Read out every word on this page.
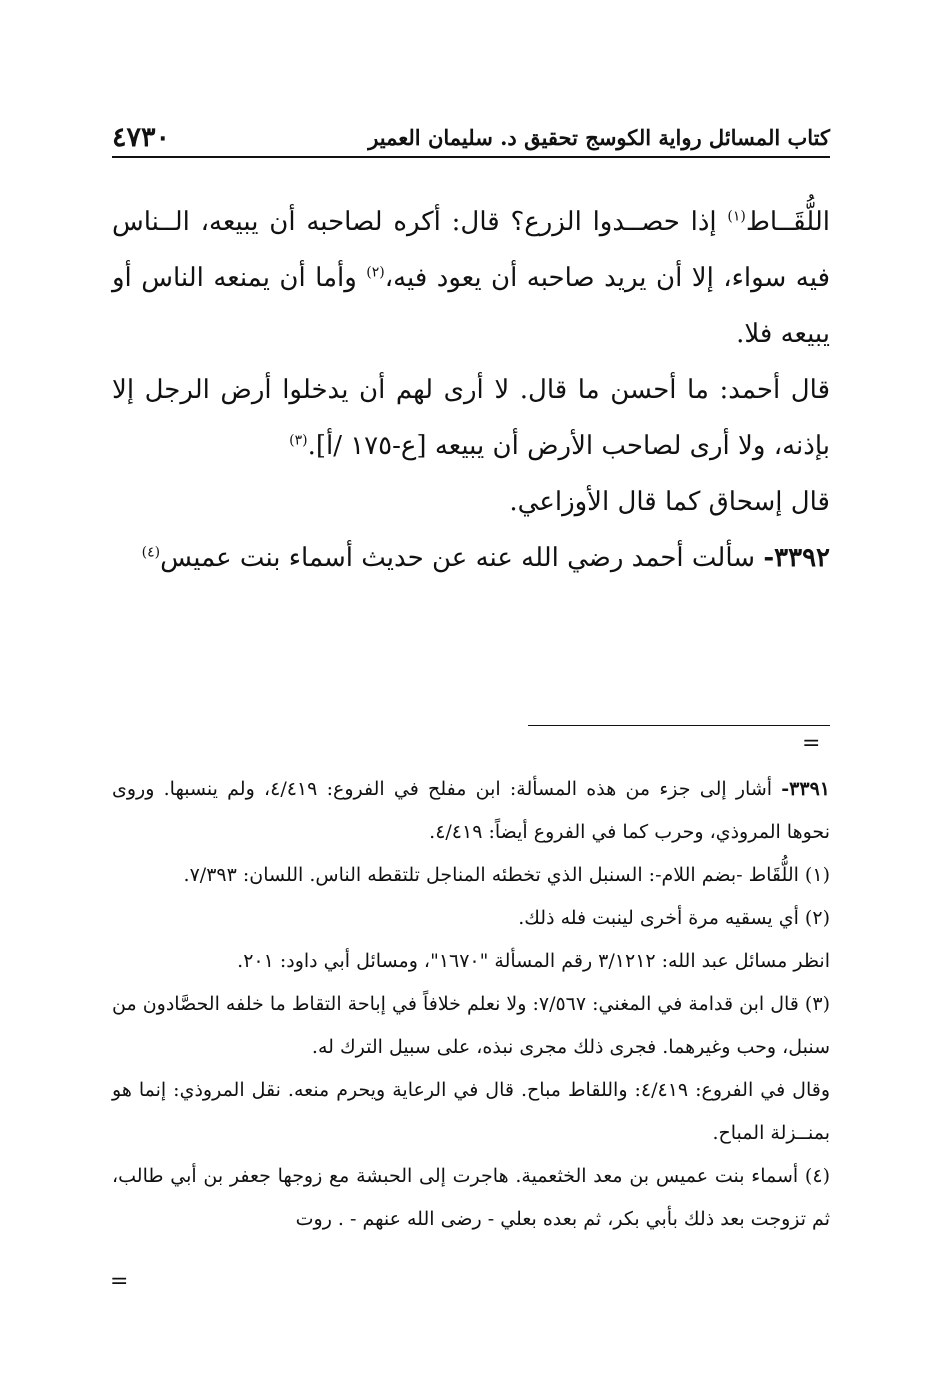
٤٧٣٠	كتاب المسائل رواية الكوسج تحقيق د. سليمان العمير

اللُّقَــاط$^{(١)}$ إذا حصــدوا الزرع؟ قال: أكره لصاحبه أن يبيعه، الــناس فيه سواء، إلا أن يريد صاحبه أن يعود فيه،$^{(٢)}$ وأما أن يمنعه الناس أو يبيعه فلا.

قال أحمد: ما أحسن ما قال. لا أرى لهم أن يدخلوا أرض الرجل إلا بإذنه، ولا أرى لصاحب الأرض أن يبيعه [ع-١٧٥ /أ].$^{(٣)}$

قال إسحاق كما قال الأوزاعي.

٣٣٩٢- سألت أحمد رضي الله عنه عن حديث أسماء بنت عميس$^{(٤)}$

=

٣٣٩١- أشار إلى جزء من هذه المسألة: ابن مفلح في الفروع: ٤/٤١٩، ولم ينسبها. وروى نحوها المروذي، وحرب كما في الفروع أيضاً: ٤/٤١٩.

(١) اللُّقَاط -بضم اللام-: السنبل الذي تخطئه المناجل تلتقطه الناس. اللسان: ٧/٣٩٣.

(٢) أي يسقيه مرة أخرى لينبت فله ذلك.

انظر مسائل عبد الله: ٣/١٢١٢ رقم المسألة "١٦٧٠"، ومسائل أبي داود: ٢٠١.

(٣) قال ابن قدامة في المغني: ٧/٥٦٧: ولا نعلم خلافاً في إباحة التقاط ما خلفه الحصَّادون من سنبل، وحب وغيرهما. فجرى ذلك مجرى نبذه، على سبيل الترك له.

وقال في الفروع: ٤/٤١٩: واللقاط مباح. قال في الرعاية ويحرم منعه. نقل المروذي: إنما هو بمنــزلة المباح.

(٤) أسماء بنت عميس بن معد الخثعمية. هاجرت إلى الحبشة مع زوجها جعفر بن أبي طالب، ثم تزوجت بعد ذلك بأبي بكر، ثم بعده بعلي - رضى الله عنهم - . روت

=
